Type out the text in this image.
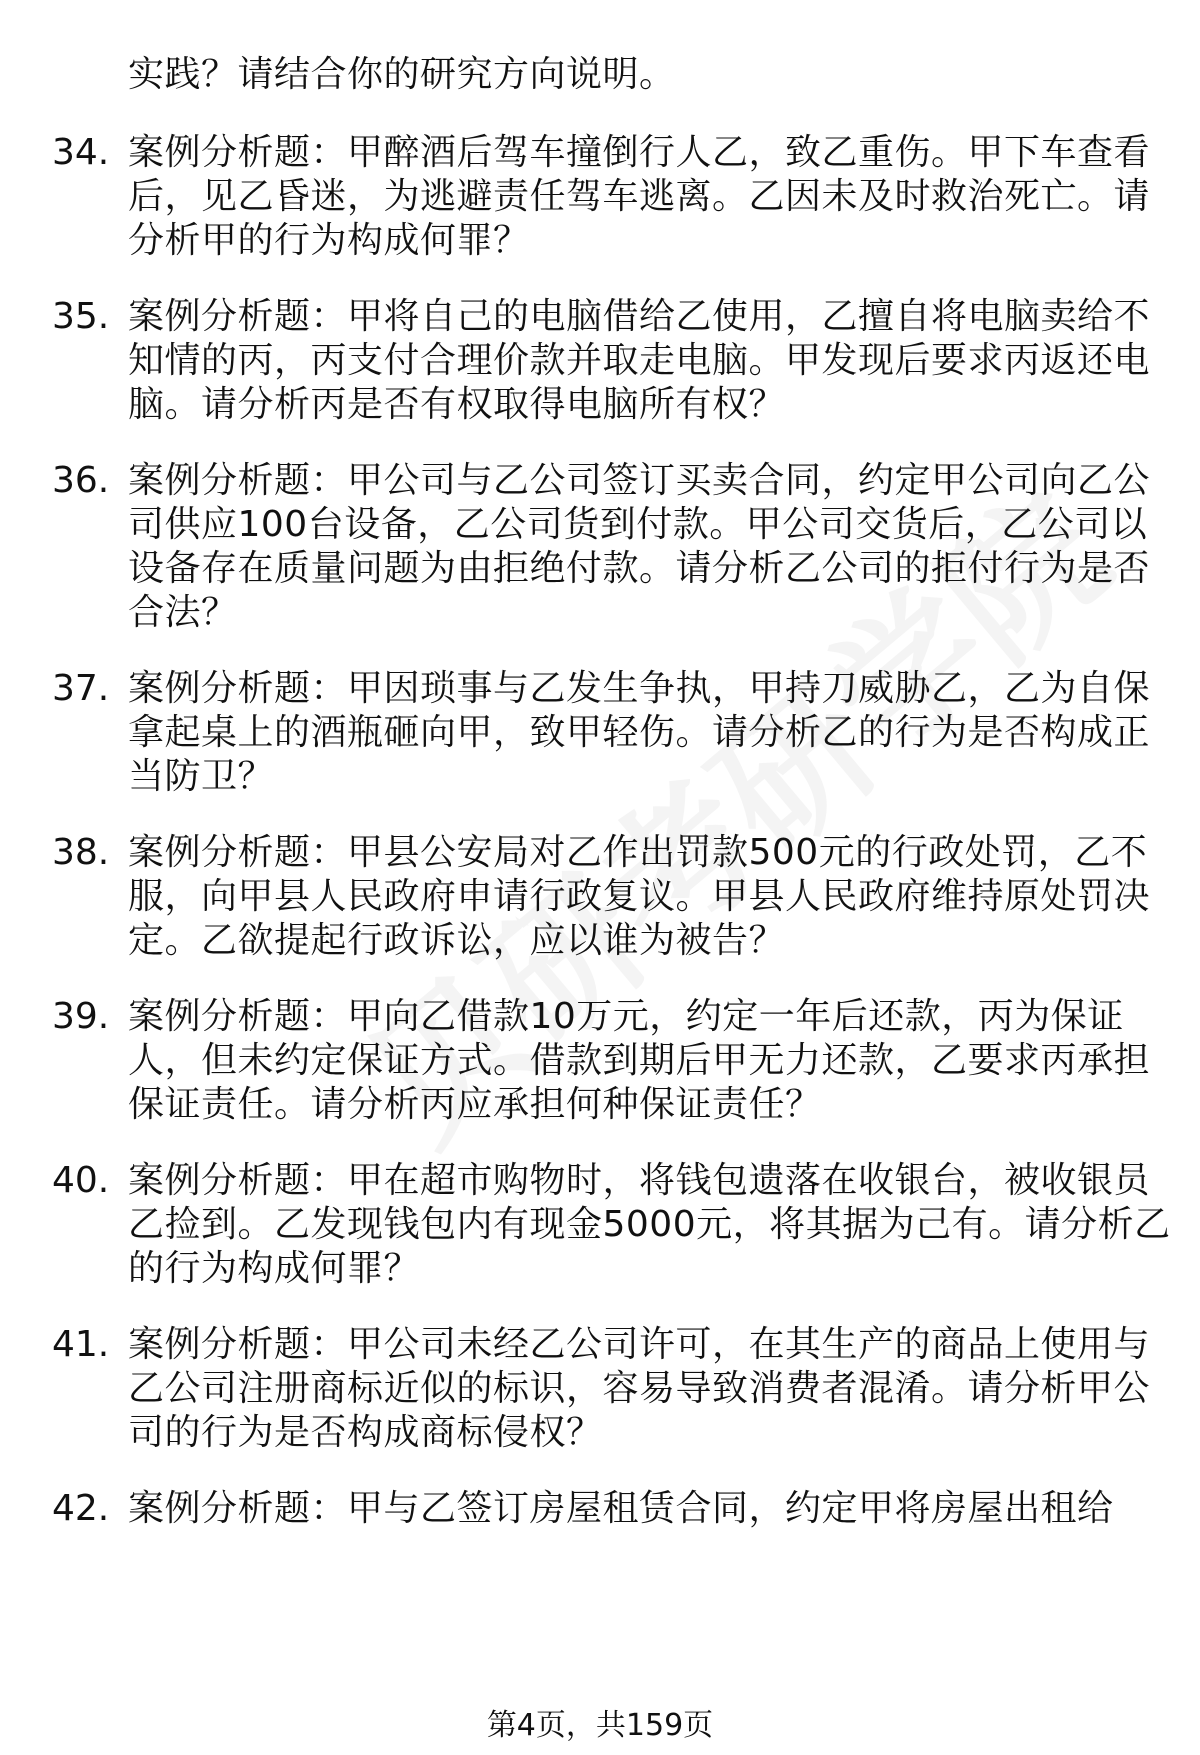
实践？请结合你的研究方向说明。
34. 案例分析题：甲醉酒后驾车撞倒行人乙，致乙重伤。甲下车查看
后，见乙昏迷，为逃避责任驾车逃离。乙因未及时救治死亡。请
分析甲的行为构成何罪？
35. 案例分析题：甲将自己的电脑借给乙使用，乙擅自将电脑卖给不
知情的丙，丙支付合理价款并取走电脑。甲发现后要求丙返还电
脑。请分析丙是否有权取得电脑所有权？
36. 案例分析题：甲公司与乙公司签订买卖合同，约定甲公司向乙公
司供应100台设备，乙公司货到付款。甲公司交货后，乙公司以
设备存在质量问题为由拒绝付款。请分析乙公司的拒付行为是否
合法？
37. 案例分析题：甲因琐事与乙发生争执，甲持刀威胁乙，乙为自保
拿起桌上的酒瓶砸向甲，致甲轻伤。请分析乙的行为是否构成正
当防卫？
38. 案例分析题：甲县公安局对乙作出罚款500元的行政处罚，乙不
服，向甲县人民政府申请行政复议。甲县人民政府维持原处罚决
定。乙欲提起行政诉讼，应以谁为被告？
39. 案例分析题：甲向乙借款10万元，约定一年后还款，丙为保证
人，但未约定保证方式。借款到期后甲无力还款，乙要求丙承担
保证责任。请分析丙应承担何种保证责任？
40. 案例分析题：甲在超市购物时，将钱包遗落在收银台，被收银员
乙捡到。乙发现钱包内有现金5000元，将其据为己有。请分析乙
的行为构成何罪？
41. 案例分析题：甲公司未经乙公司许可，在其生产的商品上使用与
乙公司注册商标近似的标识，容易导致消费者混淆。请分析甲公
司的行为是否构成商标侵权？
42. 案例分析题：甲与乙签订房屋租赁合同，约定甲将房屋出租给
第4页，共159页
